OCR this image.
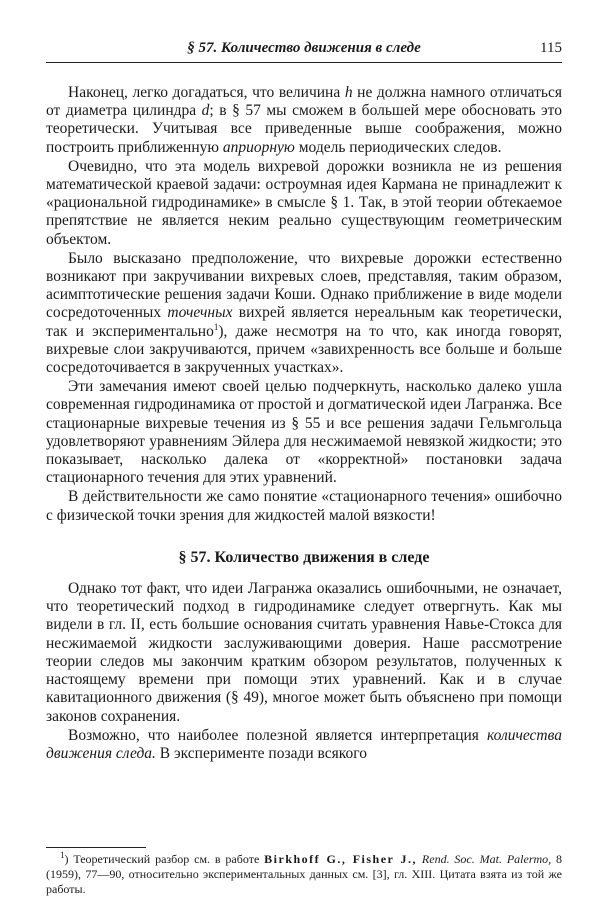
§ 57. Количество движения в следе	115

Наконец, легко догадаться, что величина h не должна намного отличаться от диаметра цилиндра d; в § 57 мы сможем в большей мере обосновать это теоретически. Учитывая все приведенные выше соображения, можно построить приближенную априорную модель периодических следов.

Очевидно, что эта модель вихревой дорожки возникла не из решения математической краевой задачи: остроумная идея Кармана не принадлежит к «рациональной гидродинамике» в смысле § 1. Так, в этой теории обтекаемое препятствие не является неким реально существующим геометрическим объектом.

Было высказано предположение, что вихревые дорожки естественно возникают при закручивании вихревых слоев, представляя, таким образом, асимптотические решения задачи Коши. Однако приближение в виде модели сосредоточенных точечных вихрей является нереальным как теоретически, так и экспериментально$^1$), даже несмотря на то что, как иногда говорят, вихревые слои закручиваются, причем «завихренность все больше и больше сосредоточивается в закрученных участках».

Эти замечания имеют своей целью подчеркнуть, насколько далеко ушла современная гидродинамика от простой и догматической идеи Лагранжа. Все стационарные вихревые течения из § 55 и все решения задачи Гельмгольца удовлетворяют уравнениям Эйлера для несжимаемой невязкой жидкости; это показывает, насколько далека от «корректной» постановки задача стационарного течения для этих уравнений.

В действительности же само понятие «стационарного течения» ошибочно с физической точки зрения для жидкостей малой вязкости!

§ 57. Количество движения в следе

Однако тот факт, что идеи Лагранжа оказались ошибочными, не означает, что теоретический подход в гидродинамике следует отвергнуть. Как мы видели в гл. II, есть большие основания считать уравнения Навье-Стокса для несжимаемой жидкости заслуживающими доверия. Наше рассмотрение теории следов мы закончим кратким обзором результатов, полученных к настоящему времени при помощи этих уравнений. Как и в случае кавитационного движения (§ 49), многое может быть объяснено при помощи законов сохранения.

Возможно, что наиболее полезной является интерпретация количества движения следа. В эксперименте позади всякого

$^1$) Теоретический разбор см. в работе Birkhoff G., Fisher J., Rend. Soc. Mat. Palermo, 8 (1959), 77—90, относительно экспериментальных данных см. [3], гл. XIII. Цитата взята из той же работы.
